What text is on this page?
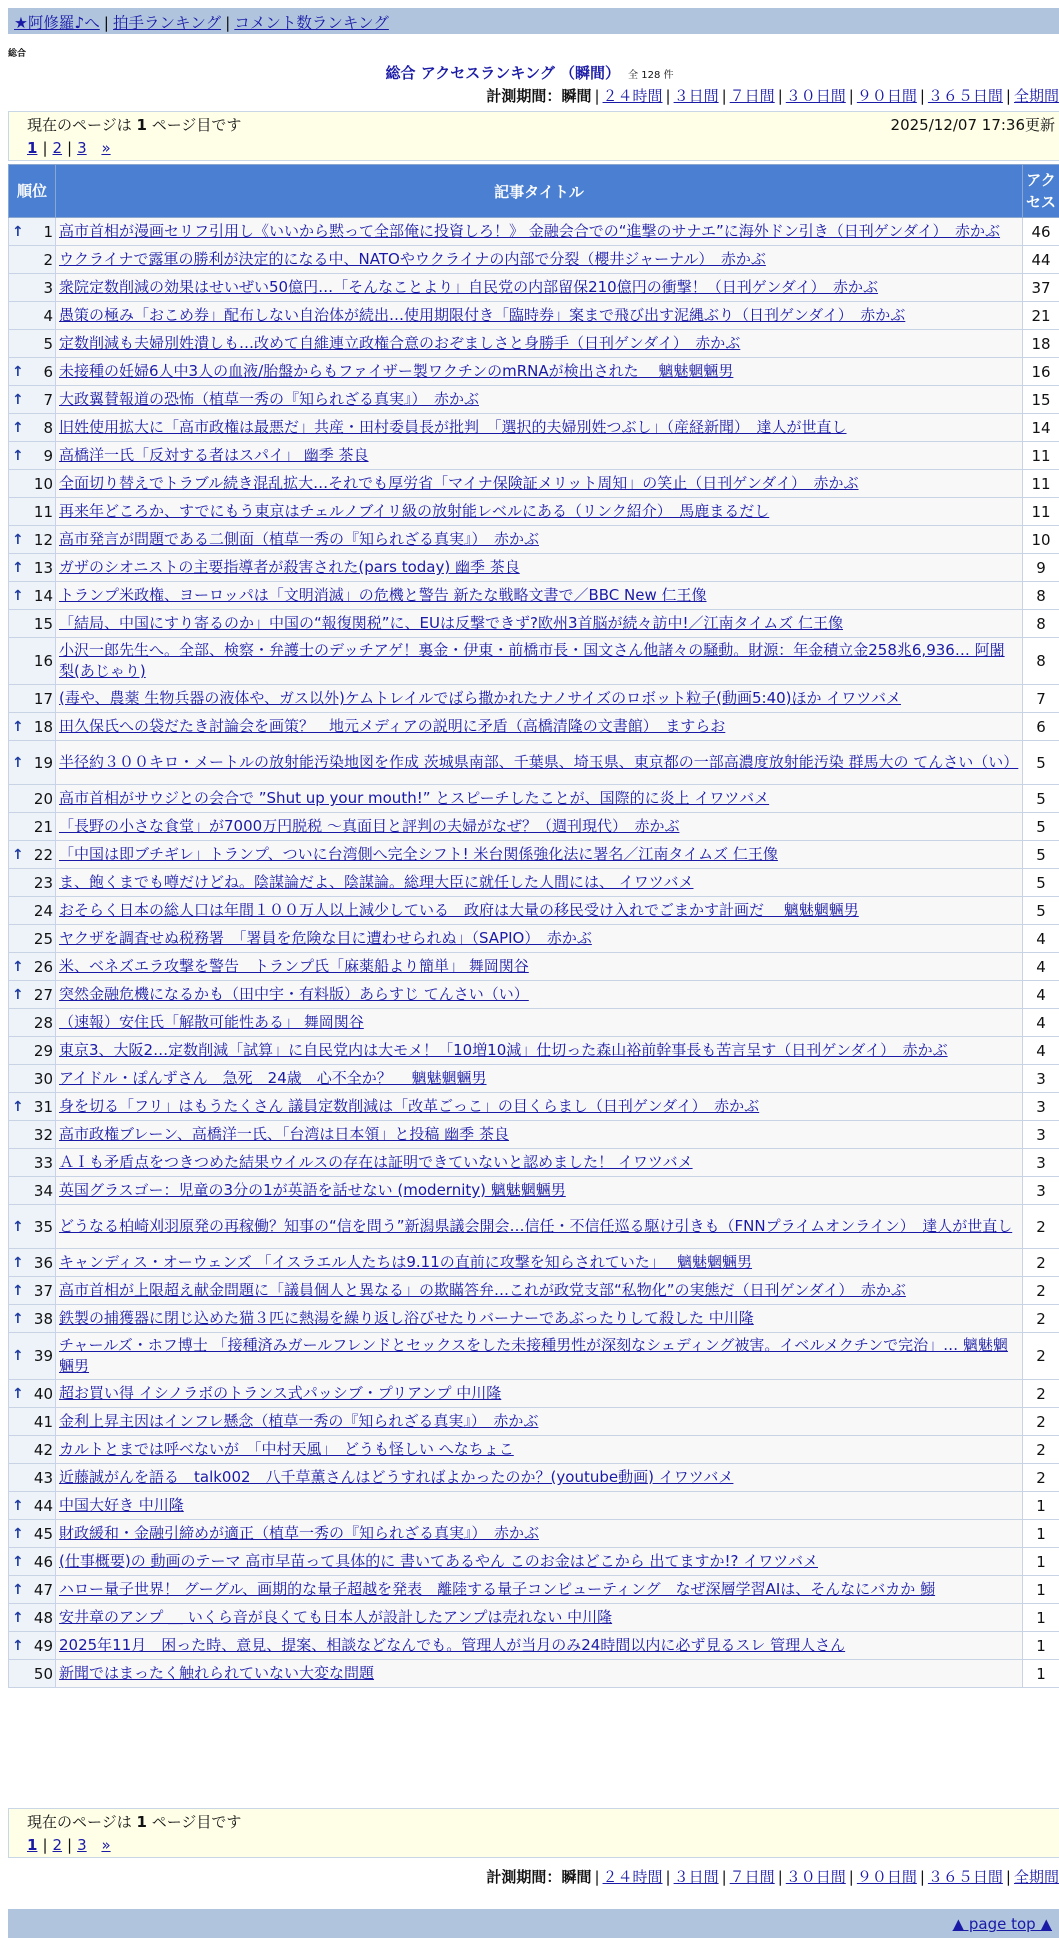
★阿修羅♪へ | 拍手ランキング | コメント数ランキング
総合
総合 アクセスランキング （瞬間） 全 128 件
計測期間：瞬間 | ２４時間 | ３日間 | ７日間 | ３０日間 | ９０日間 | ３６５日間 | 全期間
現在のページは 1 ページ目です	2025/12/07 17:36更新
1 | 2 | 3
»
順位	記事タイトル	アクセス

↑ 1	高市首相が漫画セリフ引用し《いいから黙って全部俺に投資しろ！》 金融会合での“進撃のサナエ”に海外ドン引き（日刊ゲンダイ）　赤かぶ	46
2	ウクライナで露軍の勝利が決定的になる中、NATOやウクライナの内部で分裂（櫻井ジャーナル）　赤かぶ	44
3	衆院定数削減の効果はせいぜい50億円…「そんなことより」自民党の内部留保210億円の衝撃！（日刊ゲンダイ）　赤かぶ	37
4	愚策の極み「おこめ券」配布しない自治体が続出…使用期限付き「臨時券」案まで飛び出す泥縄ぶり（日刊ゲンダイ）　赤かぶ	21
5	定数削減も夫婦別姓潰しも…改めて自維連立政権合意のおぞましさと身勝手（日刊ゲンダイ）　赤かぶ	18

↑ 6	未接種の妊婦6人中3人の血液/胎盤からもファイザー製ワクチンのmRNAが検出された　 魑魅魍魎男	16

↑ 7	大政翼賛報道の恐怖（植草一秀の『知られざる真実』）　赤かぶ	15

↑ 8	旧姓使用拡大に「高市政権は最悪だ」共産・田村委員長が批判　「選択的夫婦別姓つぶし」（産経新聞）　達人が世直し	14

↑ 9	高橋洋一氏「反対する者はスパイ」 幽季 茶良	11
10	全面切り替えでトラブル続き混乱拡大…それでも厚労省「マイナ保険証メリット周知」の笑止（日刊ゲンダイ）　赤かぶ	11
11	再来年どころか、すでにもう東京はチェルノブイリ級の放射能レベルにある（リンク紹介）　馬鹿まるだし	11

↑ 12	高市発言が問題である二側面（植草一秀の『知られざる真実』）　赤かぶ	10

↑ 13	ガザのシオニストの主要指導者が殺害された(pars today) 幽季 茶良	9

↑ 14	トランプ米政権、ヨーロッパは「文明消滅」の危機と警告 新たな戦略文書で／BBC New 仁王像	8
15	「結局、中国にすり寄るのか」中国の“報復関税”に、EUは反撃できず?欧州3首脳が続々訪中!／江南タイムズ 仁王像	8
16	小沢一郎先生へ。全部、検察・弁護士のデッチアゲ！裏金・伊東・前橋市長・国文さん他諸々の騒動。財源：年金積立金258兆6,936… 阿闍梨(あじゃり)	8
17	(毒や、農薬 生物兵器の液体や、ガス以外)ケムトレイルでばら撒かれたナノサイズのロボット粒子(動画5:40)ほか イワツバメ	7

↑ 18	田久保氏への袋だたき討論会を画策？　地元メディアの説明に矛盾（高橋清隆の文書館）　ますらお	6

↑ 19	半径約３００キロ・メートルの放射能汚染地図を作成 茨城県南部、千葉県、埼玉県、東京都の一部高濃度放射能汚染 群馬大の てんさい（い）	5
20	高市首相がサウジとの会合で ”Shut up your mouth!” とスピーチしたことが、国際的に炎上 イワツバメ	5
21	「長野の小さな食堂」が7000万円脱税 〜真面目と評判の夫婦がなぜ？（週刊現代）　赤かぶ	5

↑ 22	「中国は即ブチギレ」トランプ、ついに台湾側へ完全シフト! 米台関係強化法に署名／江南タイムズ 仁王像	5
23	ま、飽くまでも噂だけどね。陰謀論だよ、陰謀論。総理大臣に就任した人間には、 イワツバメ	5
24	おそらく日本の総人口は年間１００万人以上減少している　政府は大量の移民受け入れでごまかす計画だ　 魑魅魍魎男	5
25	ヤクザを調査せぬ税務署　「署員を危険な目に遭わせられぬ」（SAPIO）　赤かぶ	4

↑ 26	米、ベネズエラ攻撃を警告　トランプ氏「麻薬船より簡単」 舞岡関谷	4

↑ 27	突然金融危機になるかも（田中宇・有料版）あらすじ てんさい（い）	4
28	（速報）安住氏「解散可能性ある」 舞岡関谷	4
29	東京3、大阪2…定数削減「試算」に自民党内は大モメ！「10増10減」仕切った森山裕前幹事長も苦言呈す（日刊ゲンダイ）　赤かぶ	4
30	アイドル・ぽんずさん　急死　24歳　心不全か？　 魑魅魍魎男	3

↑ 31	身を切る「フリ」はもうたくさん 議員定数削減は「改革ごっこ」の目くらまし（日刊ゲンダイ）　赤かぶ	3
32	高市政権ブレーン、高橋洋一氏、「台湾は日本領」と投稿 幽季 茶良	3
33	ＡＩも矛盾点をつきつめた結果ウイルスの存在は証明できていないと認めました！ イワツバメ	3
34	英国グラスゴー：児童の3分の1が英語を話せない (modernity) 魑魅魍魎男	3

↑ 35	どうなる柏崎刈羽原発の再稼働？知事の“信を問う”新潟県議会開会…信任・不信任巡る駆け引きも（FNNプライムオンライン）　達人が世直し	2

↑ 36	キャンディス・オーウェンズ 「イスラエル人たちは9.11の直前に攻撃を知らされていた」　 魑魅魍魎男	2

↑ 37	高市首相が上限超え献金問題に「議員個人と異なる」の欺瞞答弁…これが政党支部“私物化”の実態だ（日刊ゲンダイ）　赤かぶ	2

↑ 38	鉄製の捕獲器に閉じ込めた猫３匹に熱湯を繰り返し浴びせたりバーナーであぶったりして殺した 中川隆	2

↑ 39	チャールズ・ホフ博士 「接種済みガールフレンドとセックスをした未接種男性が深刻なシェディング被害。イベルメクチンで完治」… 魑魅魍魎男	2

↑ 40	超お買い得 イシノラボのトランス式パッシブ・プリアンプ 中川隆	2
41	金利上昇主因はインフレ懸念（植草一秀の『知られざる真実』）　赤かぶ	2
42	カルトとまでは呼べないが　「中村天風」　どうも怪しい へなちょこ	2
43	近藤誠がんを語る　talk002　八千草薫さんはどうすればよかったのか？(youtube動画) イワツバメ	2

↑ 44	中国大好き 中川隆	1

↑ 45	財政緩和・金融引締めが適正（植草一秀の『知られざる真実』）　赤かぶ	1

↑ 46	(仕事概要)の 動画のテーマ 高市早苗って具体的に 書いてあるやん このお金はどこから 出てますか!? イワツバメ	1

↑ 47	ハロー量子世界！ グーグル、画期的な量子超越を発表　離陸する量子コンピューティング　なぜ深層学習AIは、そんなにバカか 鰯	1

↑ 48	安井章のアンプ ＿ いくら音が良くても日本人が設計したアンプは売れない 中川隆	1

↑ 49	2025年11月　困った時、意見、提案、相談などなんでも。管理人が当月のみ24時間以内に必ず見るスレ 管理人さん	1
50	新聞ではまったく触れられていない大変な問題	1
現在のページは 1 ページ目です
1 | 2 | 3
»
計測期間：瞬間 | ２４時間 | ３日間 | ７日間 | ３０日間 | ９０日間 | ３６５日間 | 全期間
▲ page top ▲
